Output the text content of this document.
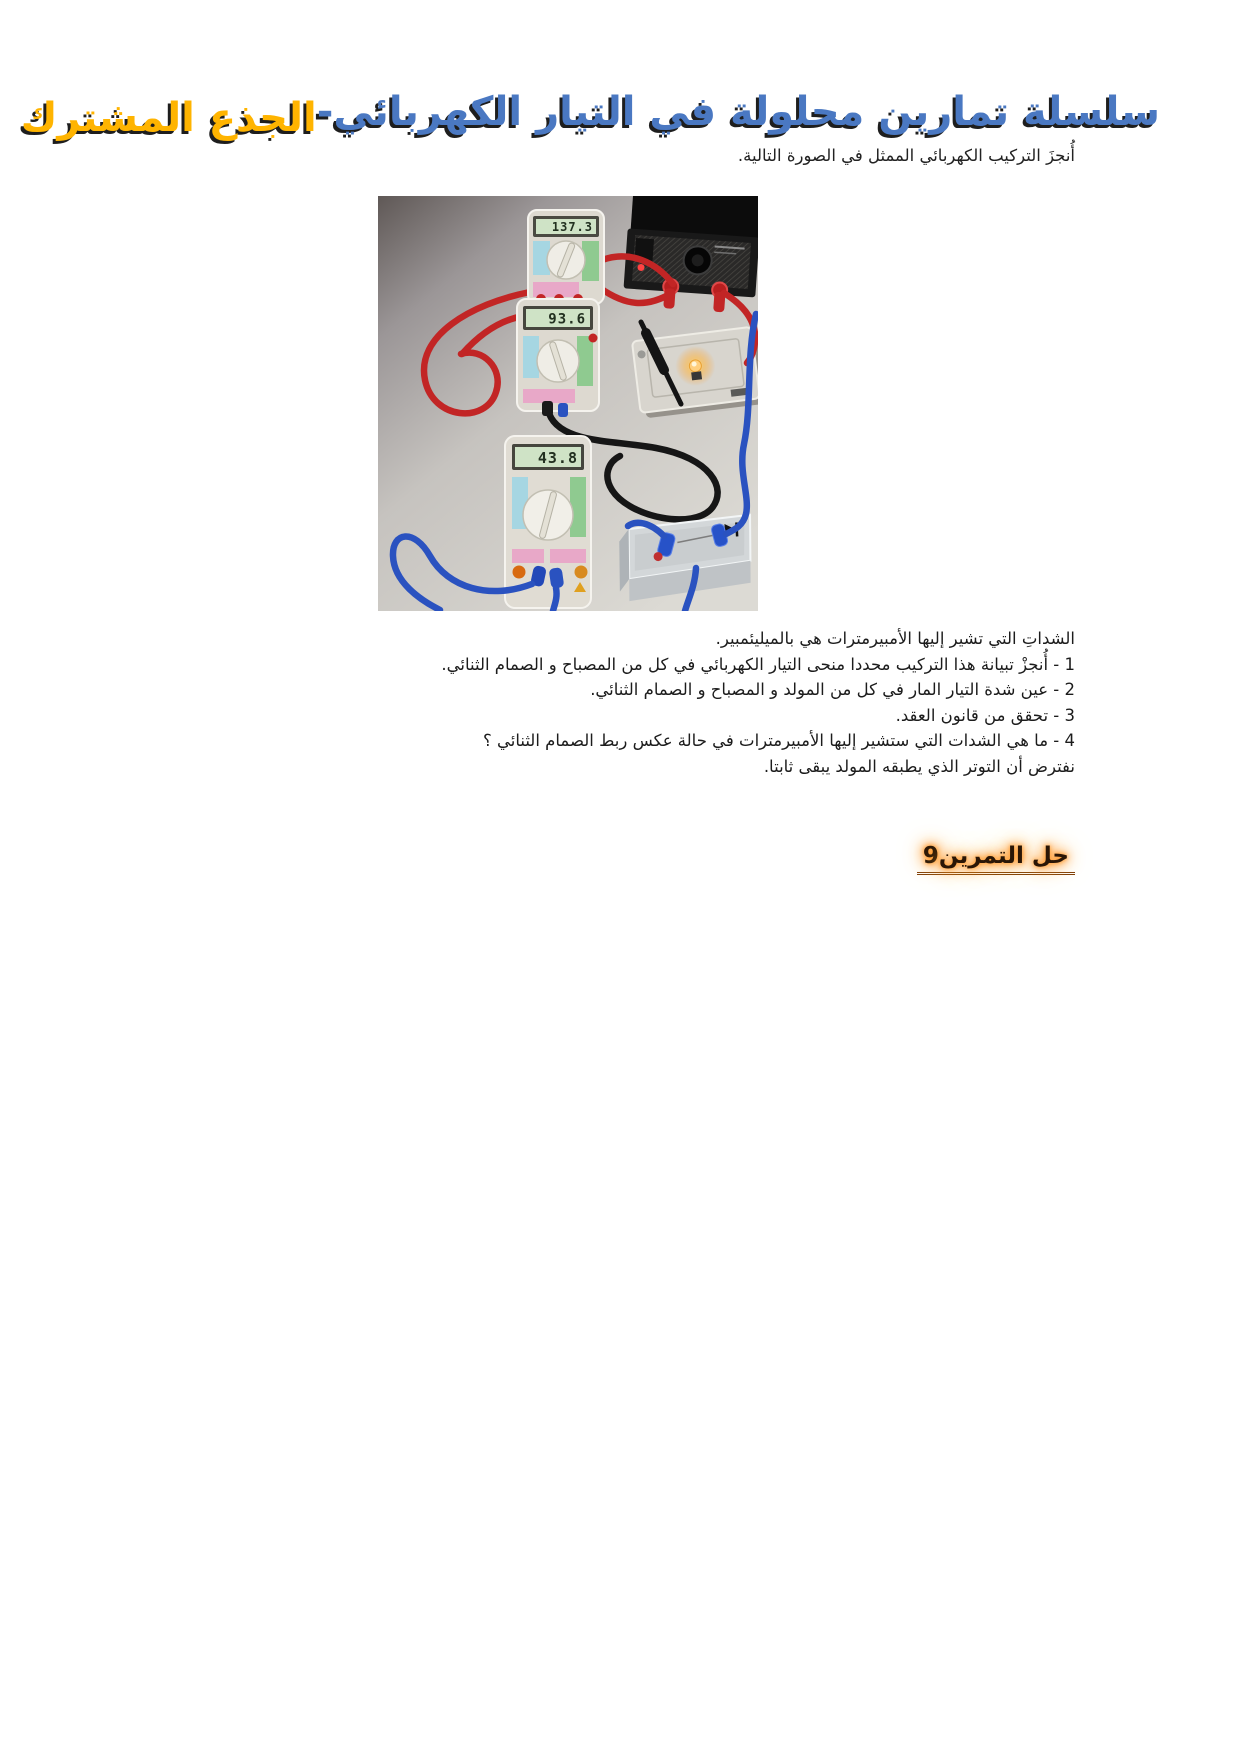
سلسلة تمارين محلولة في التيار الكهربائي-الجذع المشترك

أُنجزَ التركيب الكهربائي الممثل في الصورة التالية.

137.3
93.6
43.8

الشداتِ التي تشير إليها الأمبيرمترات هي بالميليئمبير.

1 - أُنجزْ تبيانة هذا التركيب محددا منحى التيار الكهربائي في كل من المصباح و الصمام الثنائي.

2 - عين شدة التيار المار في كل من المولد و المصباح و الصمام الثنائي.

3 - تحقق من قانون العقد.

4 - ما هي الشدات التي ستشير إليها الأمبيرمترات في حالة عكس ربط الصمام الثنائي ؟

نفترض أن التوتر الذي يطبقه المولد يبقى ثابتا.

حل التمرين9
